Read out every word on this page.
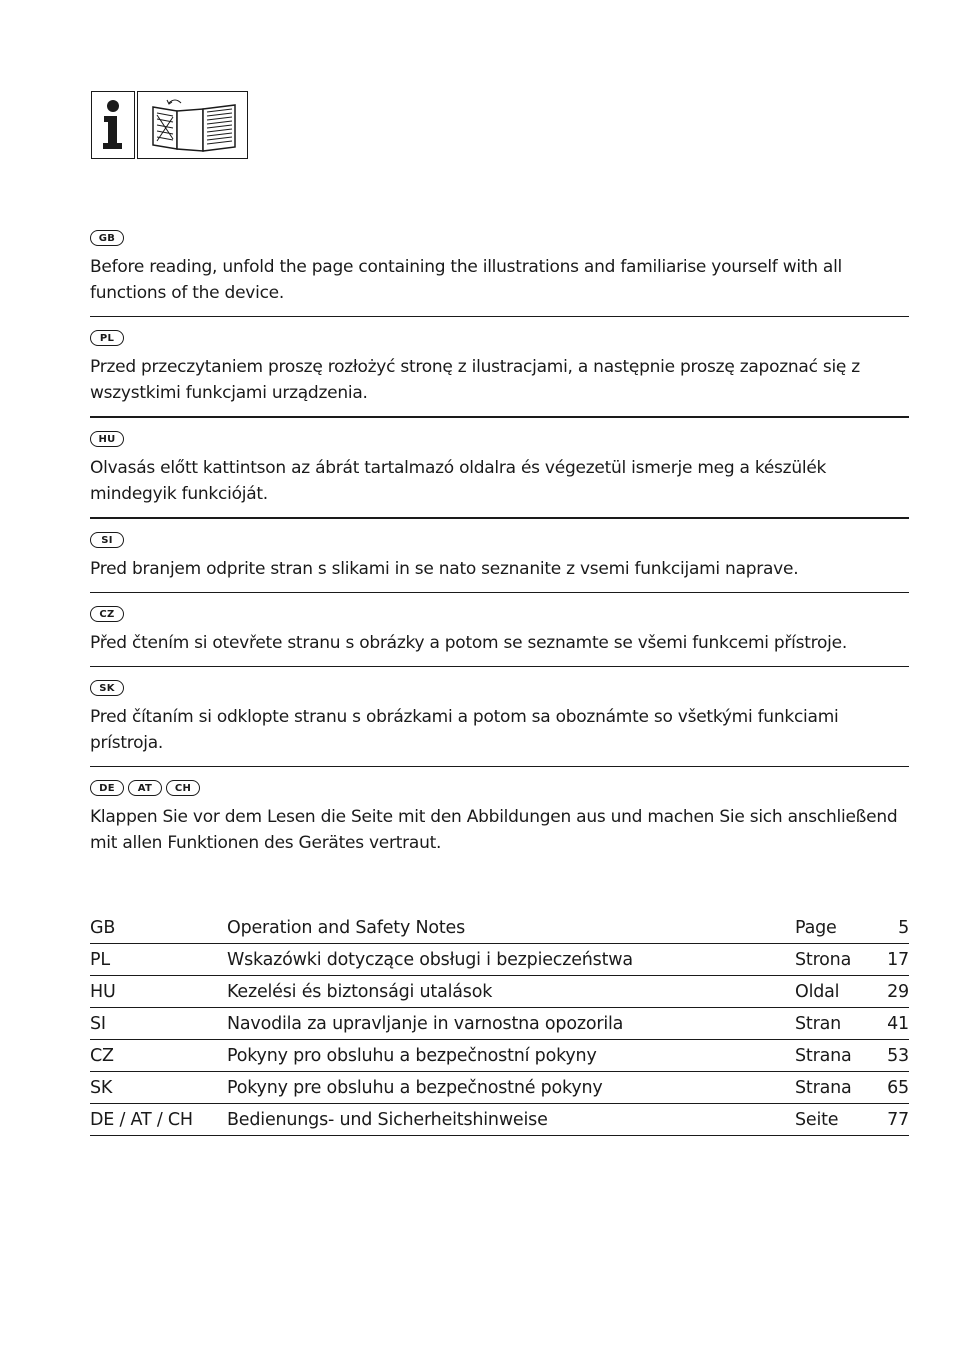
GB
Before reading, unfold the page containing the illustrations and familiarise yourself with all functions of the device.
PL
Przed przeczytaniem proszę rozłożyć stronę z ilustracjami, a następnie proszę zapoznać się z wszystkimi funkcjami urządzenia.
HU
Olvasás előtt kattintson az ábrát tartalmazó oldalra és végezetül ismerje meg a készülék mindegyik funkcióját.
SI
Pred branjem odprite stran s slikami in se nato seznanite z vsemi funkcijami naprave.
CZ
Před čtením si otevřete stranu s obrázky a potom se seznamte se všemi funkcemi přístroje.
SK
Pred čítaním si odklopte stranu s obrázkami a potom sa oboznámte so všetkými funkciami prístroja.
DE	AT	CH
Klappen Sie vor dem Lesen die Seite mit den Abbildungen aus und machen Sie sich anschließend mit allen Funktionen des Gerätes vertraut.
GB	Operation and Safety Notes	Page	5
PL	Wskazówki dotyczące obsługi i bezpieczeństwa	Strona	17
HU	Kezelési és biztonsági utalások	Oldal	29
SI	Navodila za upravljanje in varnostna opozorila	Stran	41
CZ	Pokyny pro obsluhu a bezpečnostní pokyny	Strana	53
SK	Pokyny pre obsluhu a bezpečnostné pokyny	Strana	65
DE / AT / CH	Bedienungs- und Sicherheitshinweise	Seite	77
